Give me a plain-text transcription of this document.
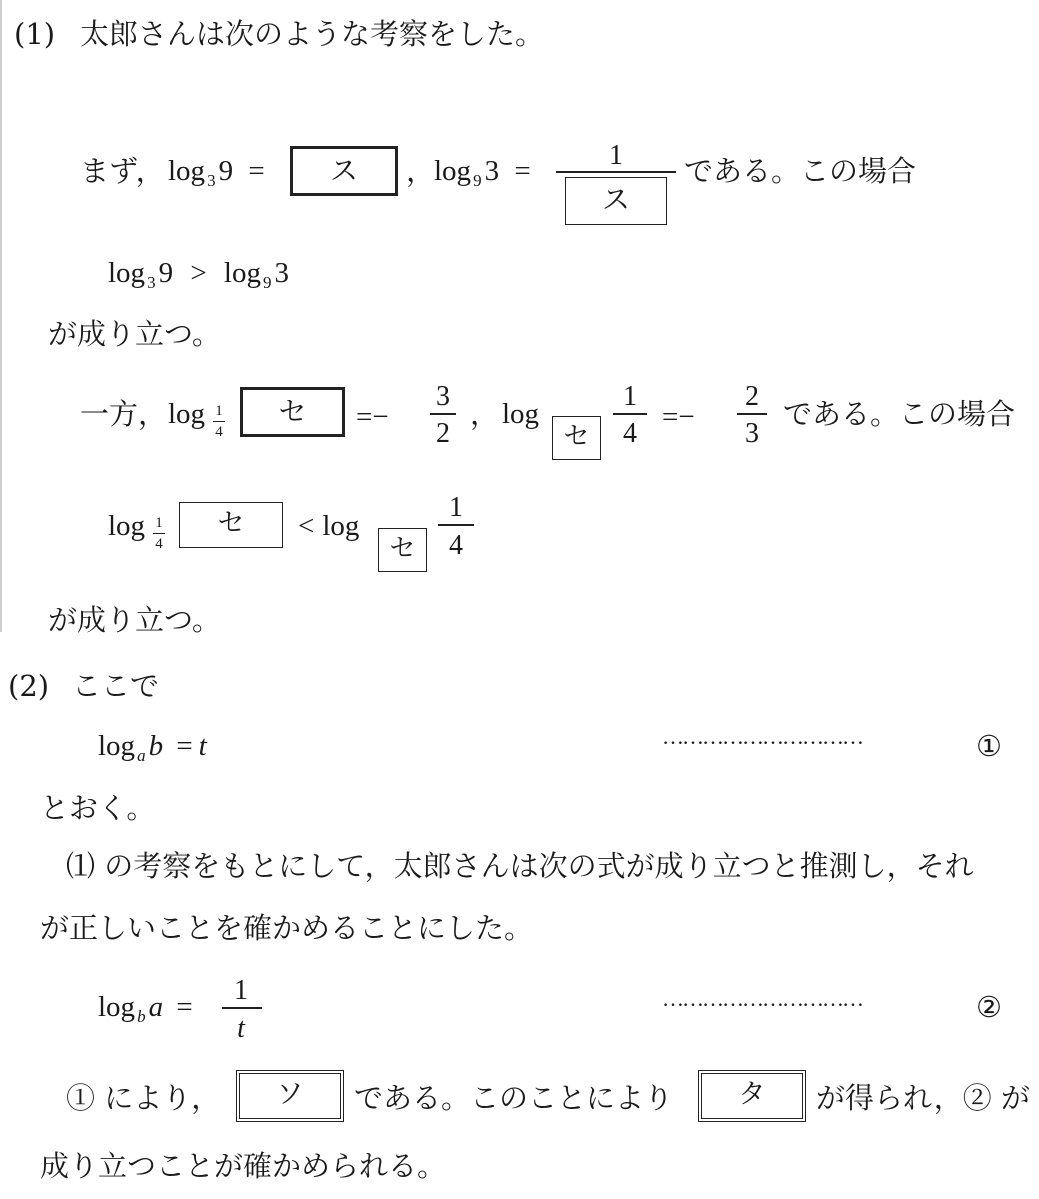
(1) 太郎さんは次のような考察をした。
まず， log $_3$ 9 =	ス	，
log $_9$ 3 =	1
ス
である。この場合
log $_3$ 9 > log $_9$ 3
が成り立つ。
一方， log 1
4
セ	=−
3
2
， log
セ
1
4
=−
2
3
である。この場合
log 1
4
セ	< log
セ
1
4
が成り立つ。
(2) ここで
log $_a$ b = t	…………………………	①
とおく。
⑴ の考察をもとにして，太郎さんは次の式が成り立つと推測し，それ
が正しいことを確かめることにした。
log $_b$ a =
1
t
…………………………	②
① により，	ソ	である。このことにより	タ	が得られ，② が
成り立つことが確かめられる。
